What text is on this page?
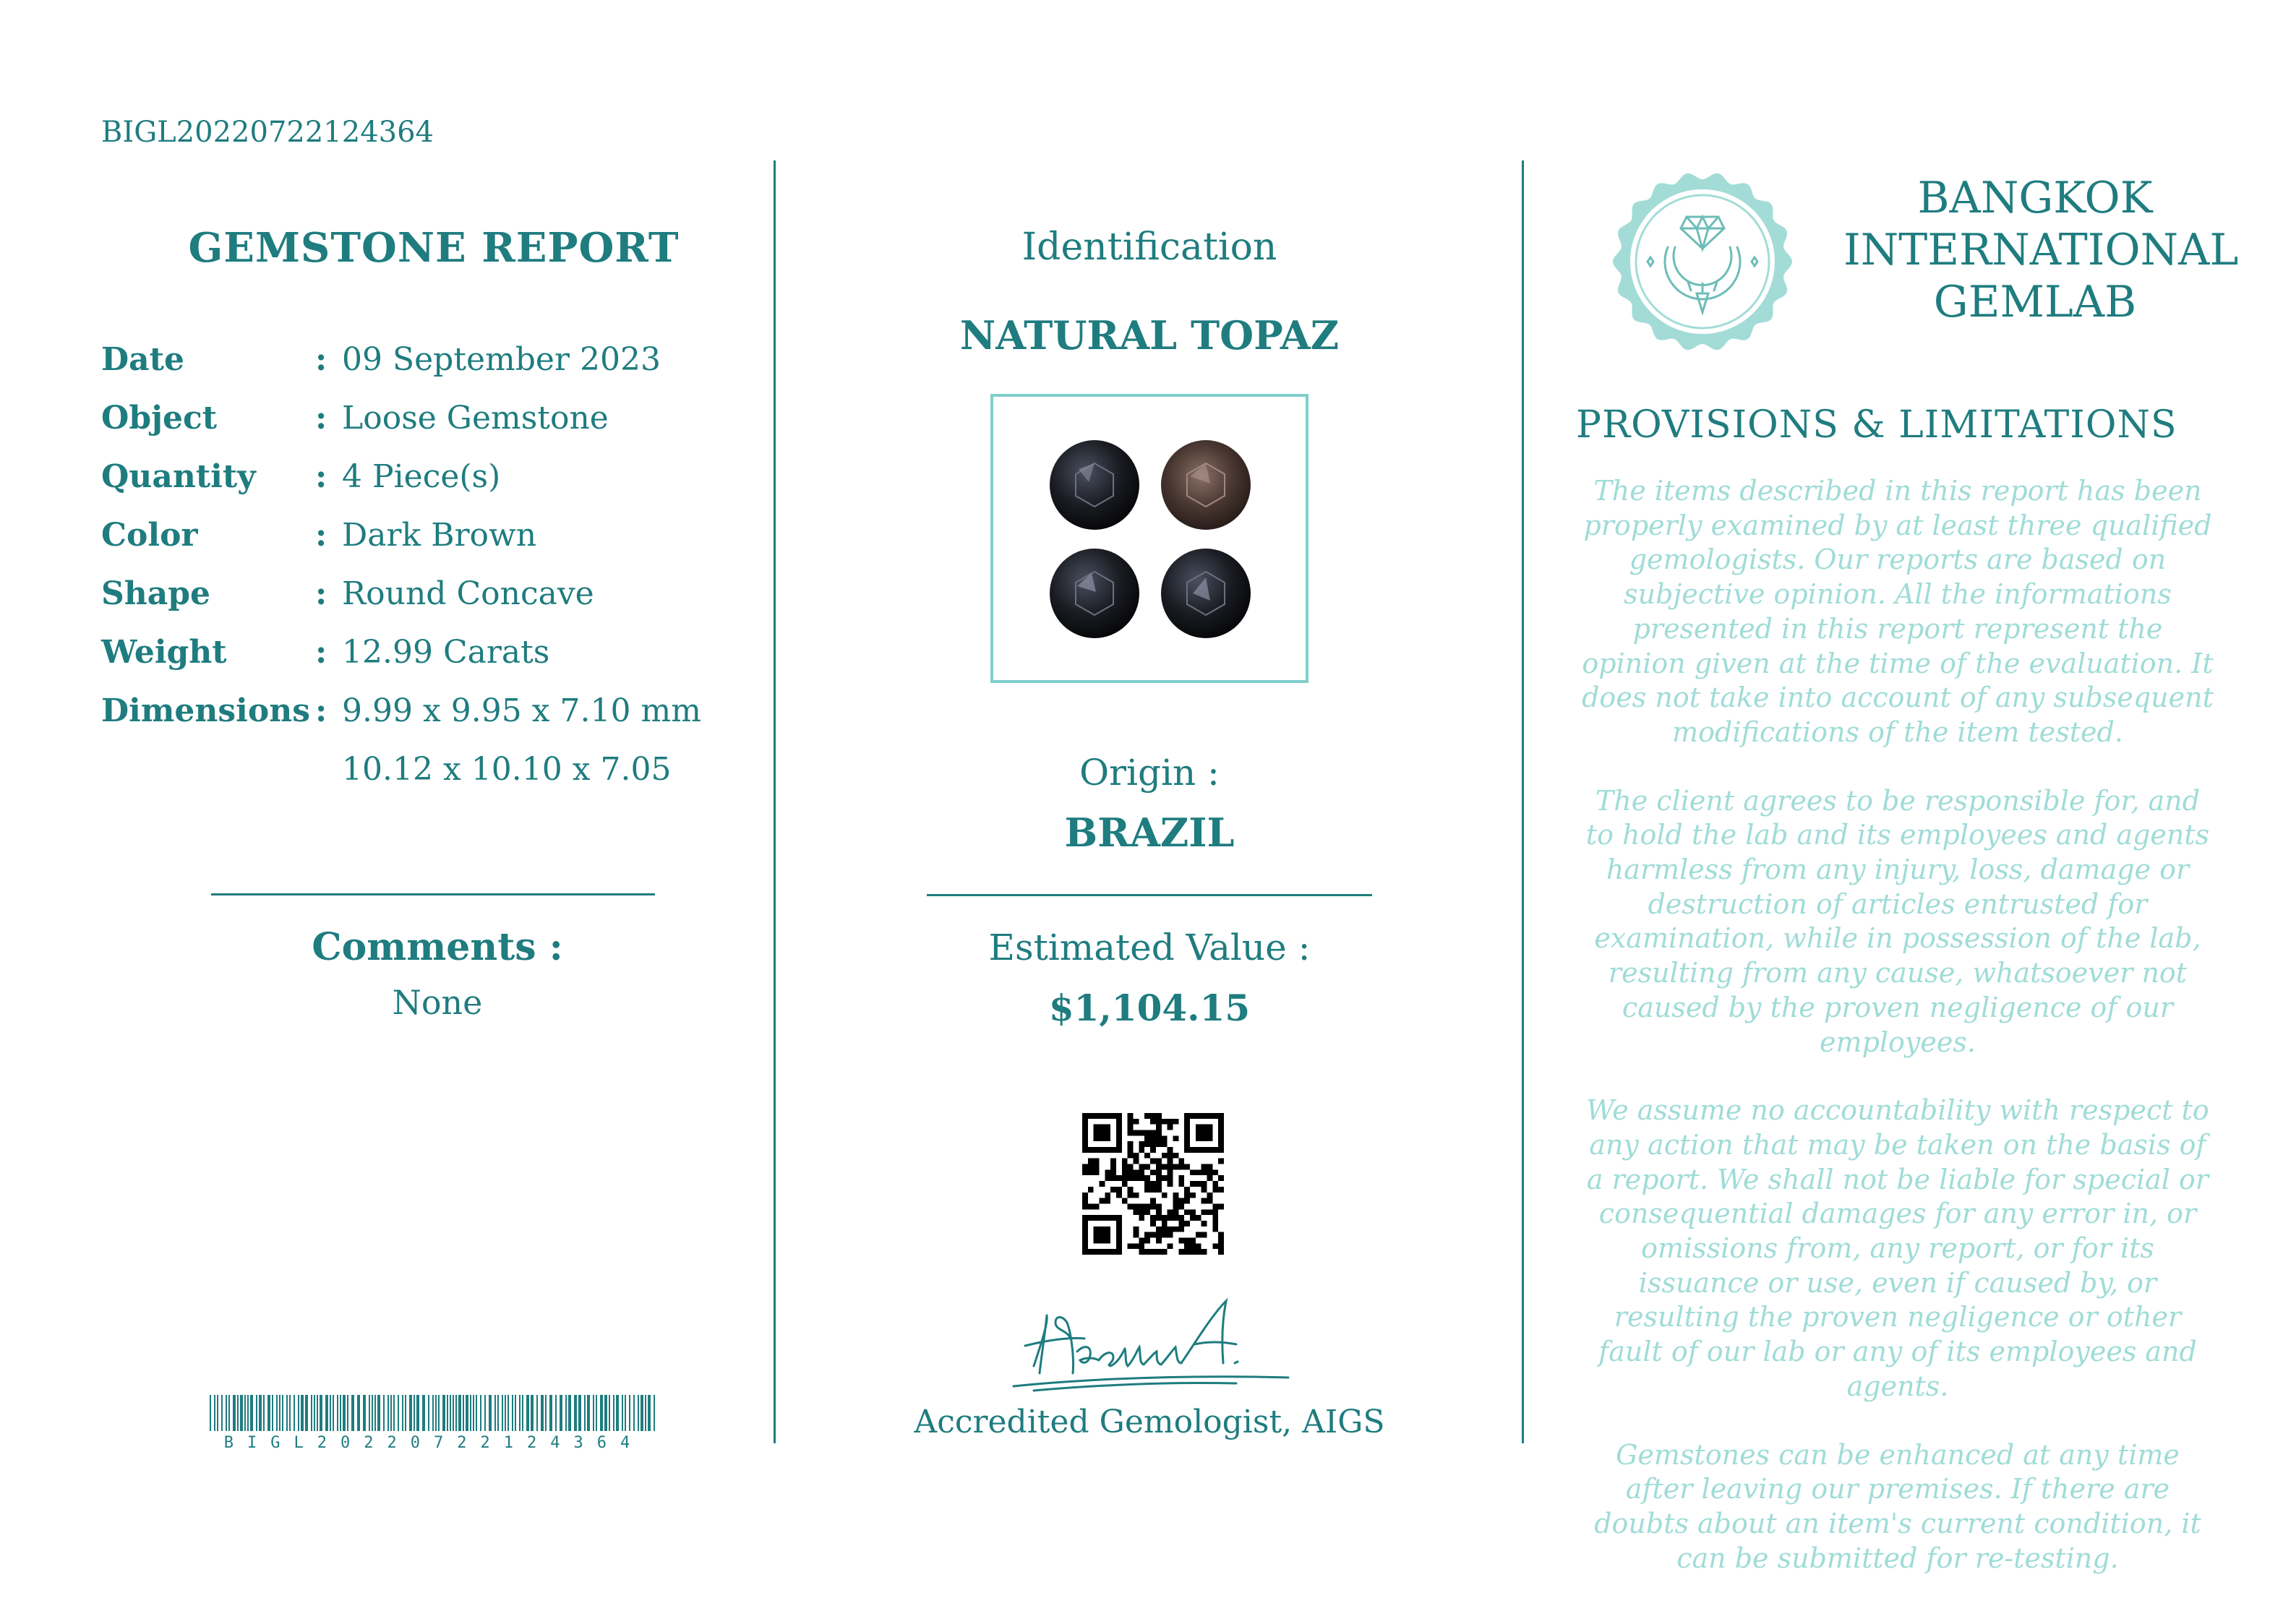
BIGL20220722124364
GEMSTONE REPORT
Date	: 09 September 2023
Object	: Loose Gemstone
Quantity : 4 Piece(s)
Color	: Dark Brown
Shape	: Round Concave
Weight	: 12.99 Carats
Dimensions : 9.99 x 9.95 x 7.10 mm
10.12 x 10.10 x 7.05
Comments :
None
BIGL20220722124364
Identification
NATURAL TOPAZ
Origin :
BRAZIL
Estimated Value :
$1,104.15
Accredited Gemologist, AIGS
BANGKOK
INTERNATIONAL
GEMLAB
PROVISIONS & LIMITATIONS

The items described in this report has been properly examined by at least three qualified gemologists. Our reports are based on subjective opinion. All the informations presented in this report represent the opinion given at the time of the evaluation. It does not take into account of any subsequent modifications of the item tested.

The client agrees to be responsible for, and to hold the lab and its employees and agents harmless from any injury, loss, damage or destruction of articles entrusted for examination, while in possession of the lab, resulting from any cause, whatsoever not caused by the proven negligence of our employees.

We assume no accountability with respect to any action that may be taken on the basis of a report. We shall not be liable for special or consequential damages for any error in, or omissions from, any report, or for its issuance or use, even if caused by, or resulting the proven negligence or other fault of our lab or any of its employees and agents.

Gemstones can be enhanced at any time after leaving our premises. If there are doubts about an item's current condition, it can be submitted for re-testing.
